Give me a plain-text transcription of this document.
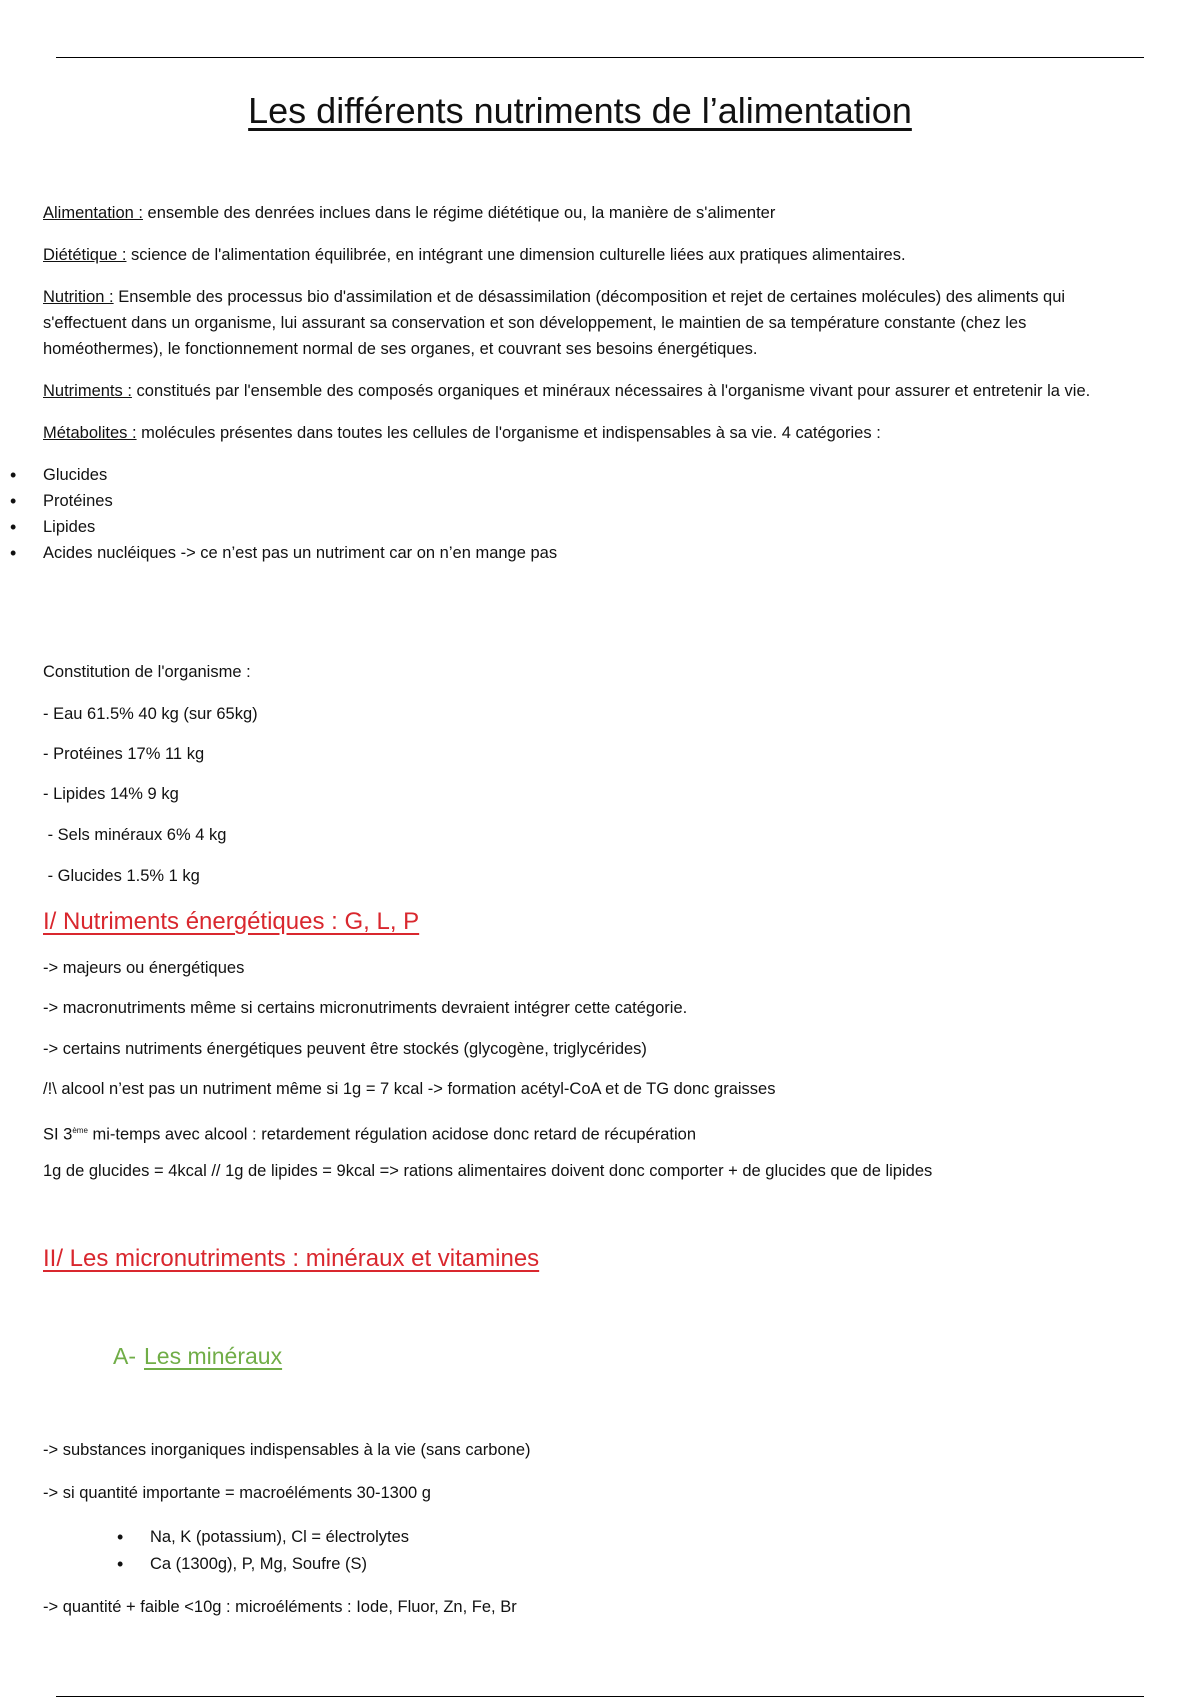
Les différents nutriments de l’alimentation

Alimentation : ensemble des denrées inclues dans le régime diététique ou, la manière de s'alimenter

Diététique : science de l'alimentation équilibrée, en intégrant une dimension culturelle liées aux pratiques alimentaires.

Nutrition : Ensemble des processus bio d'assimilation et de désassimilation (décomposition et rejet de certaines molécules) des aliments qui s'effectuent dans un organisme, lui assurant sa conservation et son développement, le maintien de sa température constante (chez les homéothermes), le fonctionnement normal de ses organes, et couvrant ses besoins énergétiques.

Nutriments : constitués par l'ensemble des composés organiques et minéraux nécessaires à l'organisme vivant pour assurer et entretenir la vie.

Métabolites : molécules présentes dans toutes les cellules de l'organisme et indispensables à sa vie. 4 catégories :

• Glucides
• Protéines
• Lipides
• Acides nucléiques -> ce n’est pas un nutriment car on n’en mange pas
Constitution de l'organisme :
- Eau 61.5% 40 kg (sur 65kg)
- Protéines 17% 11 kg
- Lipides 14% 9 kg
- Sels minéraux 6% 4 kg
- Glucides 1.5% 1 kg
I/ Nutriments énergétiques : G, L, P
-> majeurs ou énergétiques
-> macronutriments même si certains micronutriments devraient intégrer cette catégorie.
-> certains nutriments énergétiques peuvent être stockés (glycogène, triglycérides)
/!\ alcool n’est pas un nutriment même si 1g = 7 kcal -> formation acétyl-CoA et de TG donc graisses
SI 3ème mi-temps avec alcool : retardement régulation acidose donc retard de récupération
1g de glucides = 4kcal // 1g de lipides = 9kcal => rations alimentaires doivent donc comporter + de glucides que de lipides
II/ Les micronutriments : minéraux et vitamines
A- Les minéraux
-> substances inorganiques indispensables à la vie (sans carbone)
-> si quantité importante = macroéléments 30-1300 g
• Na, K (potassium), Cl = électrolytes
• Ca (1300g), P, Mg, Soufre (S)
-> quantité + faible <10g : microéléments : Iode, Fluor, Zn, Fe, Br
